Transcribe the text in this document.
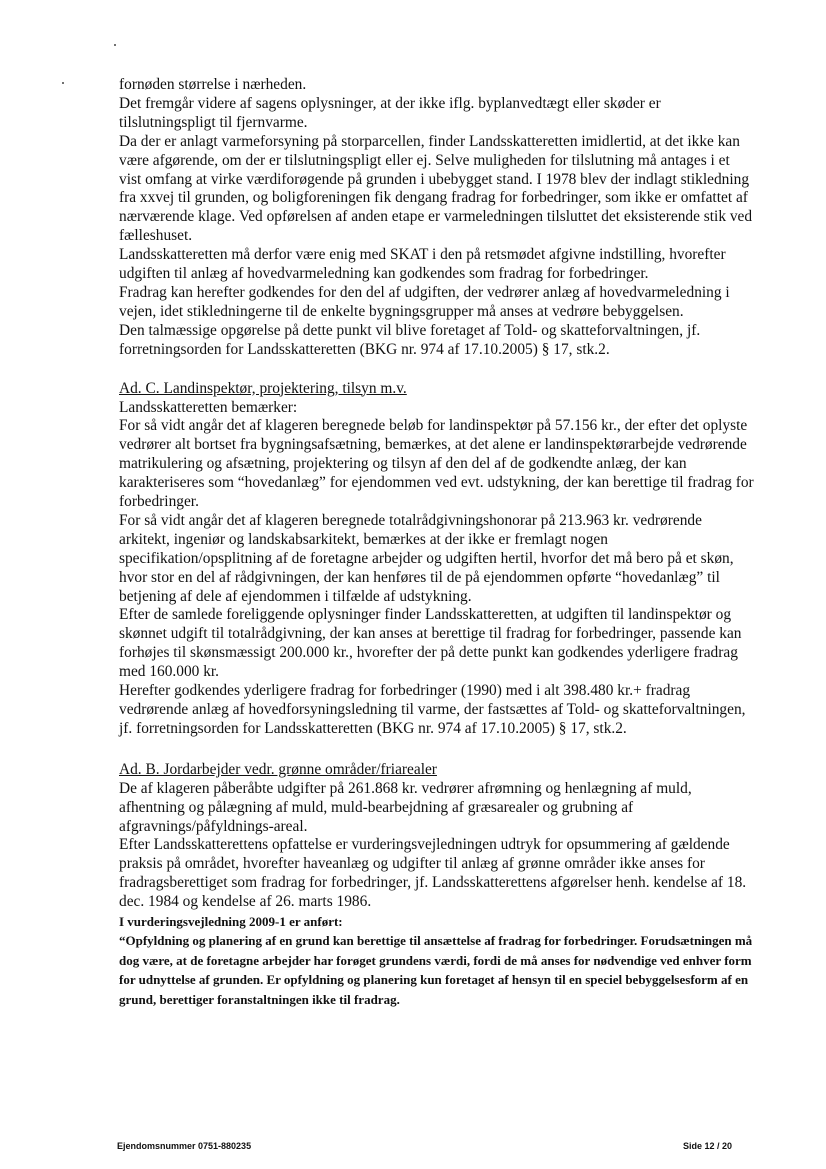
fornøden størrelse i nærheden.

Det fremgår videre af sagens oplysninger, at der ikke iflg. byplanvedtægt eller skøder er tilslutningspligt til fjernvarme.

Da der er anlagt varmeforsyning på storparcellen, finder Landsskatteretten imidlertid, at det ikke kan være afgørende, om der er tilslutningspligt eller ej. Selve muligheden for tilslutning må antages i et vist omfang at virke værdiforøgende på grunden i ubebygget stand. I 1978 blev der indlagt stikledning fra xxvej til grunden, og boligforeningen fik dengang fradrag for forbedringer, som ikke er omfattet af nærværende klage. Ved opførelsen af anden etape er varmeledningen tilsluttet det eksisterende stik ved fælleshuset.

Landsskatteretten må derfor være enig med SKAT i den på retsmødet afgivne indstilling, hvorefter udgiften til anlæg af hovedvarmeledning kan godkendes som fradrag for forbedringer.

Fradrag kan herefter godkendes for den del af udgiften, der vedrører anlæg af hovedvarmeledning i vejen, idet stikledningerne til de enkelte bygningsgrupper må anses at vedrøre bebyggelsen.

Den talmæssige opgørelse på dette punkt vil blive foretaget af Told- og skatteforvaltningen, jf. forretningsorden for Landsskatteretten (BKG nr. 974 af 17.10.2005) § 17, stk.2.

Ad. C. Landinspektør, projektering, tilsyn m.v.

Landsskatteretten bemærker:

For så vidt angår det af klageren beregnede beløb for landinspektør på 57.156 kr., der efter det oplyste vedrører alt bortset fra bygningsafsætning, bemærkes, at det alene er landinspektørarbejde vedrørende matrikulering og afsætning, projektering og tilsyn af den del af de godkendte anlæg, der kan karakteriseres som “hovedanlæg” for ejendommen ved evt. udstykning, der kan berettige til fradrag for forbedringer.

For så vidt angår det af klageren beregnede totalrådgivningshonorar på 213.963 kr. vedrørende arkitekt, ingeniør og landskabsarkitekt, bemærkes at der ikke er fremlagt nogen specifikation/opsplitning af de foretagne arbejder og udgiften hertil, hvorfor det må bero på et skøn, hvor stor en del af rådgivningen, der kan henføres til de på ejendommen opførte “hovedanlæg” til betjening af dele af ejendommen i tilfælde af udstykning.

Efter de samlede foreliggende oplysninger finder Landsskatteretten, at udgiften til landinspektør og skønnet udgift til totalrådgivning, der kan anses at berettige til fradrag for forbedringer, passende kan forhøjes til skønsmæssigt 200.000 kr., hvorefter der på dette punkt kan godkendes yderligere fradrag med 160.000 kr.

Herefter godkendes yderligere fradrag for forbedringer (1990) med i alt 398.480 kr.+ fradrag vedrørende anlæg af hovedforsyningsledning til varme, der fastsættes af Told- og skatteforvaltningen, jf. forretningsorden for Landsskatteretten (BKG nr. 974 af 17.10.2005) § 17, stk.2.

Ad. B. Jordarbejder vedr. grønne områder/friarealer

De af klageren påberåbte udgifter på 261.868 kr. vedrører afrømning og henlægning af muld, afhentning og pålægning af muld, muld-bearbejdning af græsarealer og grubning af afgravnings/påfyldnings-areal.

Efter Landsskatterettens opfattelse er vurderingsvejledningen udtryk for opsummering af gældende praksis på området, hvorefter haveanlæg og udgifter til anlæg af grønne områder ikke anses for fradragsberettiget som fradrag for forbedringer, jf. Landsskatterettens afgørelser henh. kendelse af 18. dec. 1984 og kendelse af 26. marts 1986.

I vurderingsvejledning 2009-1 er anført:

“Opfyldning og planering af en grund kan berettige til ansættelse af fradrag for forbedringer. Forudsætningen må dog være, at de foretagne arbejder har forøget grundens værdi, fordi de må anses for nødvendige ved enhver form for udnyttelse af grunden. Er opfyldning og planering kun foretaget af hensyn til en speciel bebyggelsesform af en grund, berettiger foranstaltningen ikke til fradrag.

Ejendomsnummer 0751-880235	Side 12 / 20
